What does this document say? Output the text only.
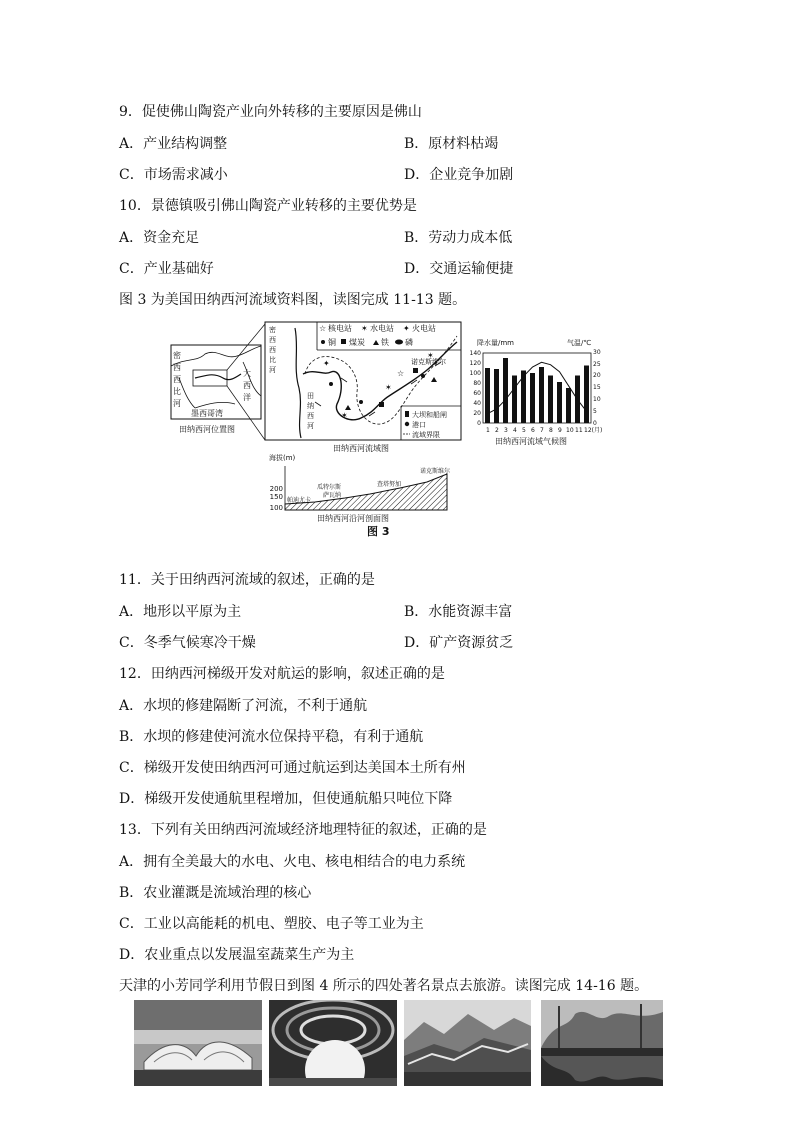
9．促使佛山陶瓷产业向外转移的主要原因是佛山
A．产业结构调整	B．原材料枯竭
C．市场需求减小	D．企业竞争加剧
10．景德镇吸引佛山陶瓷产业转移的主要优势是
A．资金充足	B．劳动力成本低
C．产业基础好	D．交通运输便捷
图 3 为美国田纳西河流域资料图，读图完成 11-13 题。
密
西
西
比
河
大
西
洋
墨西哥湾
田纳西河位置图
✶
✶
✶
✦
☆
密
西
西
比
河
田
纳
西
河
诺克斯维尔
☆ 核电站 ✶ 水电站 ✦ 火电站
铜 煤炭 铁 磷
大坝和船闸
港口
流域界限
田纳西河流域图
降水量/mm	气温/℃
140
120
100
80
60
40
20
0
30
25
20
15
10
5
0
1 2 3 4 5 6 7 8 9 10 11 12(月)
田纳西河流域气候图
海拔(m)
200
150
100
帕迪尤卡
萨瓦纳
瓜特尔斯	查塔努加
诺克斯维尔
田纳西河沿河剖面图
图 3
11．关于田纳西河流域的叙述，正确的是
A．地形以平原为主	B．水能资源丰富
C．冬季气候寒冷干燥	D．矿产资源贫乏
12．田纳西河梯级开发对航运的影响，叙述正确的是
A．水坝的修建隔断了河流，不利于通航
B．水坝的修建使河流水位保持平稳，有利于通航
C．梯级开发使田纳西河可通过航运到达美国本土所有州
D．梯级开发使通航里程增加，但使通航船只吨位下降
13．下列有关田纳西河流域经济地理特征的叙述，正确的是
A．拥有全美最大的水电、火电、核电相结合的电力系统
B．农业灌溉是流域治理的核心
C．工业以高能耗的机电、塑胶、电子等工业为主
D．农业重点以发展温室蔬菜生产为主
天津的小芳同学利用节假日到图 4 所示的四处著名景点去旅游。读图完成 14-16 题。
